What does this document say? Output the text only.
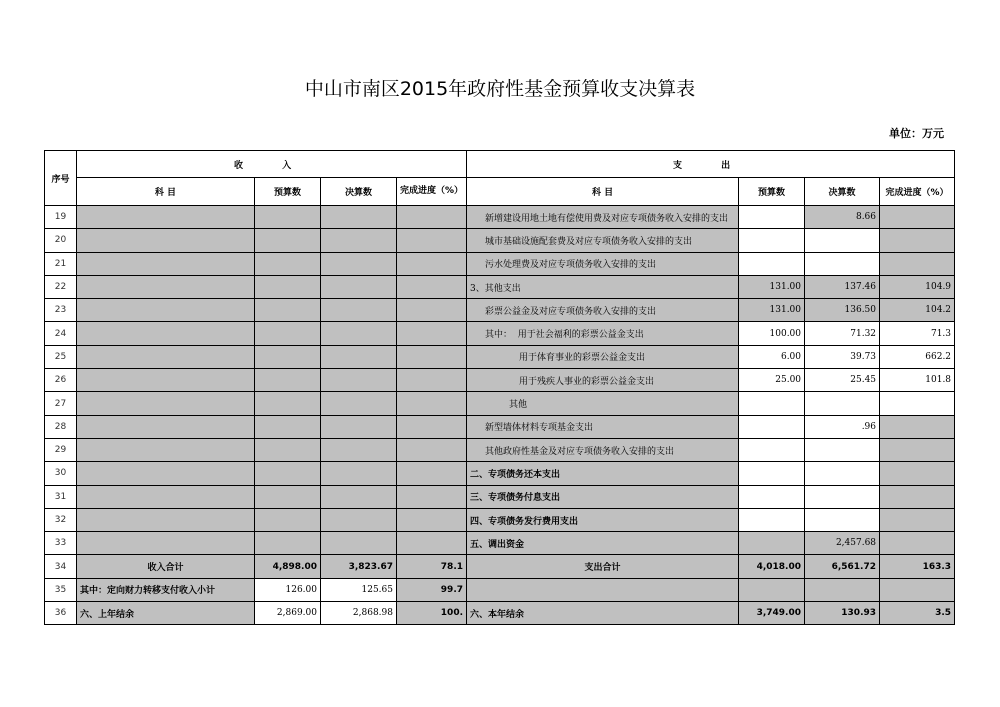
中山市南区2015年政府性基金预算收支决算表
单位：万元
序号	收 入				支 出			
	科 目	预算数	决算数	完成进度（%）	科 目	预算数	决算数	完成进度（%）
19					新增建设用地土地有偿使用费及对应专项债务收入安排的支出		8.66	
20					城市基础设施配套费及对应专项债务收入安排的支出			
21					污水处理费及对应专项债务收入安排的支出			
22					3、其他支出	131.00	137.46	104.9
23					彩票公益金及对应专项债务收入安排的支出	131.00	136.50	104.2
24					其中：  用于社会福利的彩票公益金支出	100.00	71.32	71.3
25					用于体育事业的彩票公益金支出	6.00	39.73	662.2
26					用于残疾人事业的彩票公益金支出	25.00	25.45	101.8
27					其他			
28					新型墙体材料专项基金支出		.96	
29					其他政府性基金及对应专项债务收入安排的支出			
30					二、专项债务还本支出			
31					三、专项债务付息支出			
32					四、专项债务发行费用支出			
33					五、调出资金		2,457.68	
34	收入合计	4,898.00	3,823.67	78.1	支出合计	4,018.00	6,561.72	163.3
35	其中：定向财力转移支付收入小计	126.00	125.65	99.7				
36	六、上年结余	2,869.00	2,868.98	100.	六、本年结余	3,749.00	130.93	3.5
